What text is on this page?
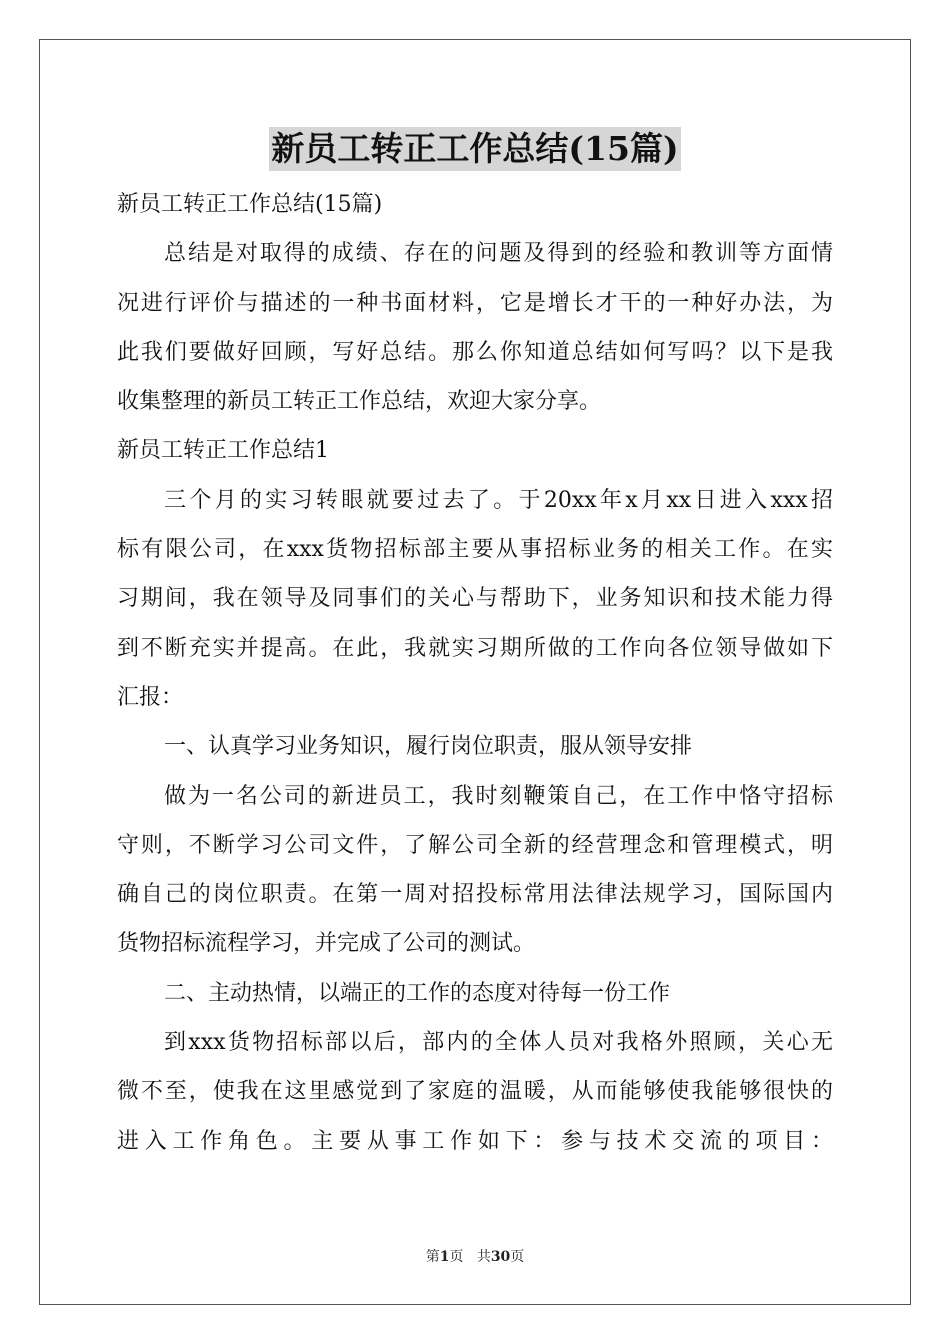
新员工转正工作总结(15篇)
新员工转正工作总结(15篇)
总结是对取得的成绩、存在的问题及得到的经验和教训等方面情
况进行评价与描述的一种书面材料，它是增长才干的一种好办法，为
此我们要做好回顾，写好总结。那么你知道总结如何写吗？以下是我
收集整理的新员工转正工作总结，欢迎大家分享。
新员工转正工作总结1
三个月的实习转眼就要过去了。于20xx年x月xx日进入xxx招
标有限公司，在xxx货物招标部主要从事招标业务的相关工作。在实
习期间，我在领导及同事们的关心与帮助下，业务知识和技术能力得
到不断充实并提高。在此，我就实习期所做的工作向各位领导做如下
汇报：
一、认真学习业务知识，履行岗位职责，服从领导安排
做为一名公司的新进员工，我时刻鞭策自己，在工作中恪守招标
守则，不断学习公司文件，了解公司全新的经营理念和管理模式，明
确自己的岗位职责。在第一周对招投标常用法律法规学习，国际国内
货物招标流程学习，并完成了公司的测试。
二、主动热情，以端正的工作的态度对待每一份工作
到xxx货物招标部以后，部内的全体人员对我格外照顾，关心无
微不至，使我在这里感觉到了家庭的温暖，从而能够使我能够很快的
进入工作角色。主要从事工作如下：参与技术交流的项目：
第1页 共30页
